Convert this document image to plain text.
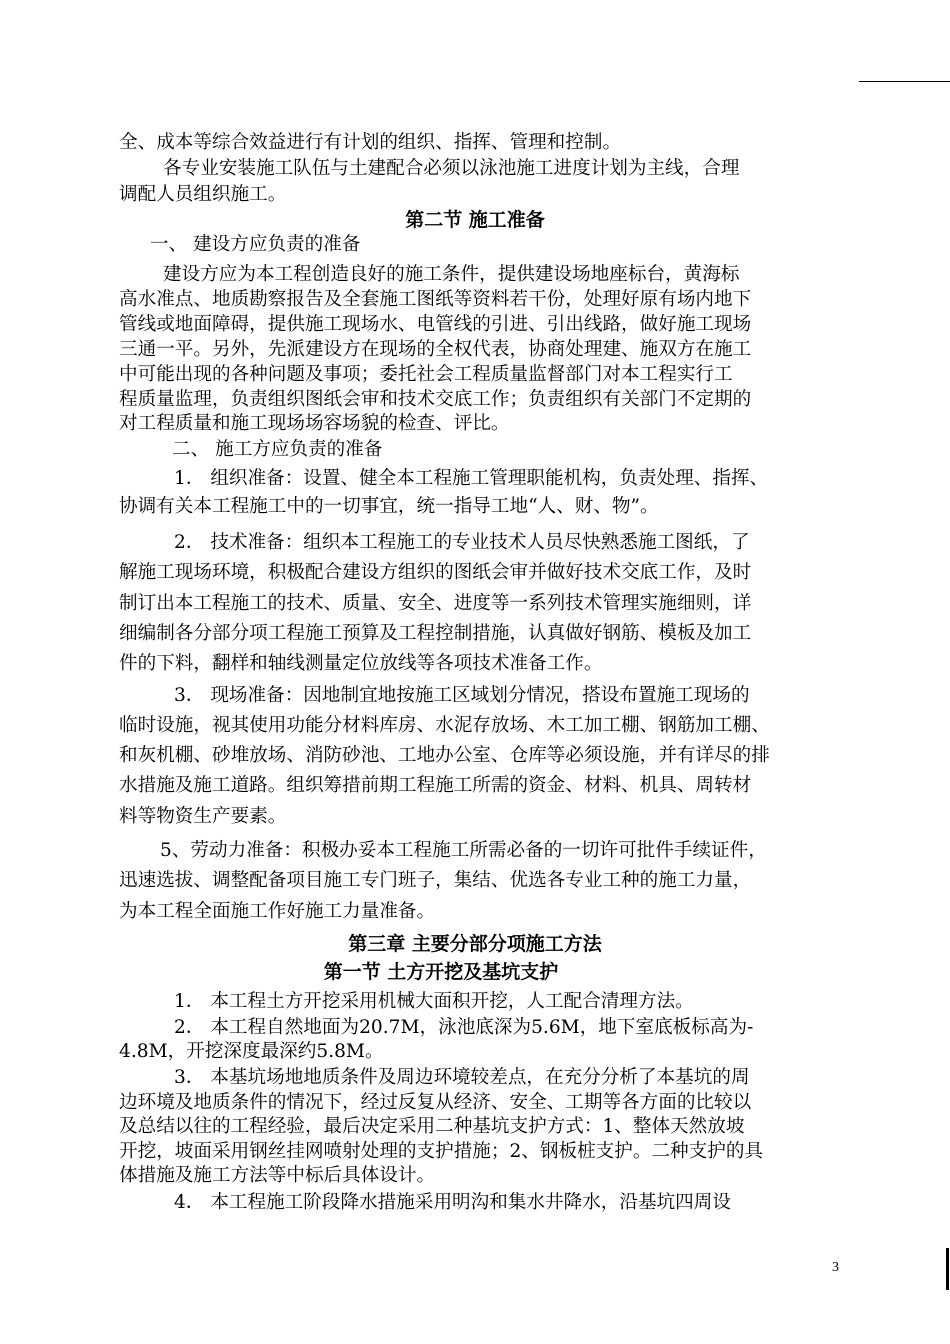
全、成本等综合效益进行有计划的组织、指挥、管理和控制。
各专业安装施工队伍与土建配合必须以泳池施工进度计划为主线，合理
调配人员组织施工。
第二节 施工准备
一、 建设方应负责的准备
建设方应为本工程创造良好的施工条件，提供建设场地座标台，黄海标
高水准点、地质勘察报告及全套施工图纸等资料若干份，处理好原有场内地下
管线或地面障碍，提供施工现场水、电管线的引进、引出线路，做好施工现场
三通一平。另外，先派建设方在现场的全权代表，协商处理建、施双方在施工
中可能出现的各种问题及事项；委托社会工程质量监督部门对本工程实行工
程质量监理，负责组织图纸会审和技术交底工作；负责组织有关部门不定期的
对工程质量和施工现场场容场貌的检查、评比。
二、 施工方应负责的准备
1． 组织准备：设置、健全本工程施工管理职能机构，负责处理、指挥、
协调有关本工程施工中的一切事宜，统一指导工地“人、财、物”。
2． 技术准备：组织本工程施工的专业技术人员尽快熟悉施工图纸，了
解施工现场环境，积极配合建设方组织的图纸会审并做好技术交底工作，及时
制订出本工程施工的技术、质量、安全、进度等一系列技术管理实施细则，详
细编制各分部分项工程施工预算及工程控制措施，认真做好钢筋、模板及加工
件的下料，翻样和轴线测量定位放线等各项技术准备工作。
3． 现场准备：因地制宜地按施工区域划分情况，搭设布置施工现场的
临时设施，视其使用功能分材料库房、水泥存放场、木工加工棚、钢筋加工棚、
和灰机棚、砂堆放场、消防砂池、工地办公室、仓库等必须设施，并有详尽的排
水措施及施工道路。组织筹措前期工程施工所需的资金、材料、机具、周转材
料等物资生产要素。
5、劳动力准备：积极办妥本工程施工所需必备的一切许可批件手续证件，
迅速选拔、调整配备项目施工专门班子，集结、优选各专业工种的施工力量，
为本工程全面施工作好施工力量准备。
第三章 主要分部分项施工方法
第一节 土方开挖及基坑支护
1． 本工程土方开挖采用机械大面积开挖，人工配合清理方法。
2． 本工程自然地面为20.7M，泳池底深为5.6M，地下室底板标高为-
4.8M，开挖深度最深约5.8M。
3． 本基坑场地地质条件及周边环境较差点，在充分分析了本基坑的周
边环境及地质条件的情况下，经过反复从经济、安全、工期等各方面的比较以
及总结以往的工程经验，最后决定采用二种基坑支护方式：1、整体天然放坡
开挖，坡面采用钢丝挂网喷射处理的支护措施；2、钢板桩支护。二种支护的具
体措施及施工方法等中标后具体设计。
4． 本工程施工阶段降水措施采用明沟和集水井降水，沿基坑四周设
3
